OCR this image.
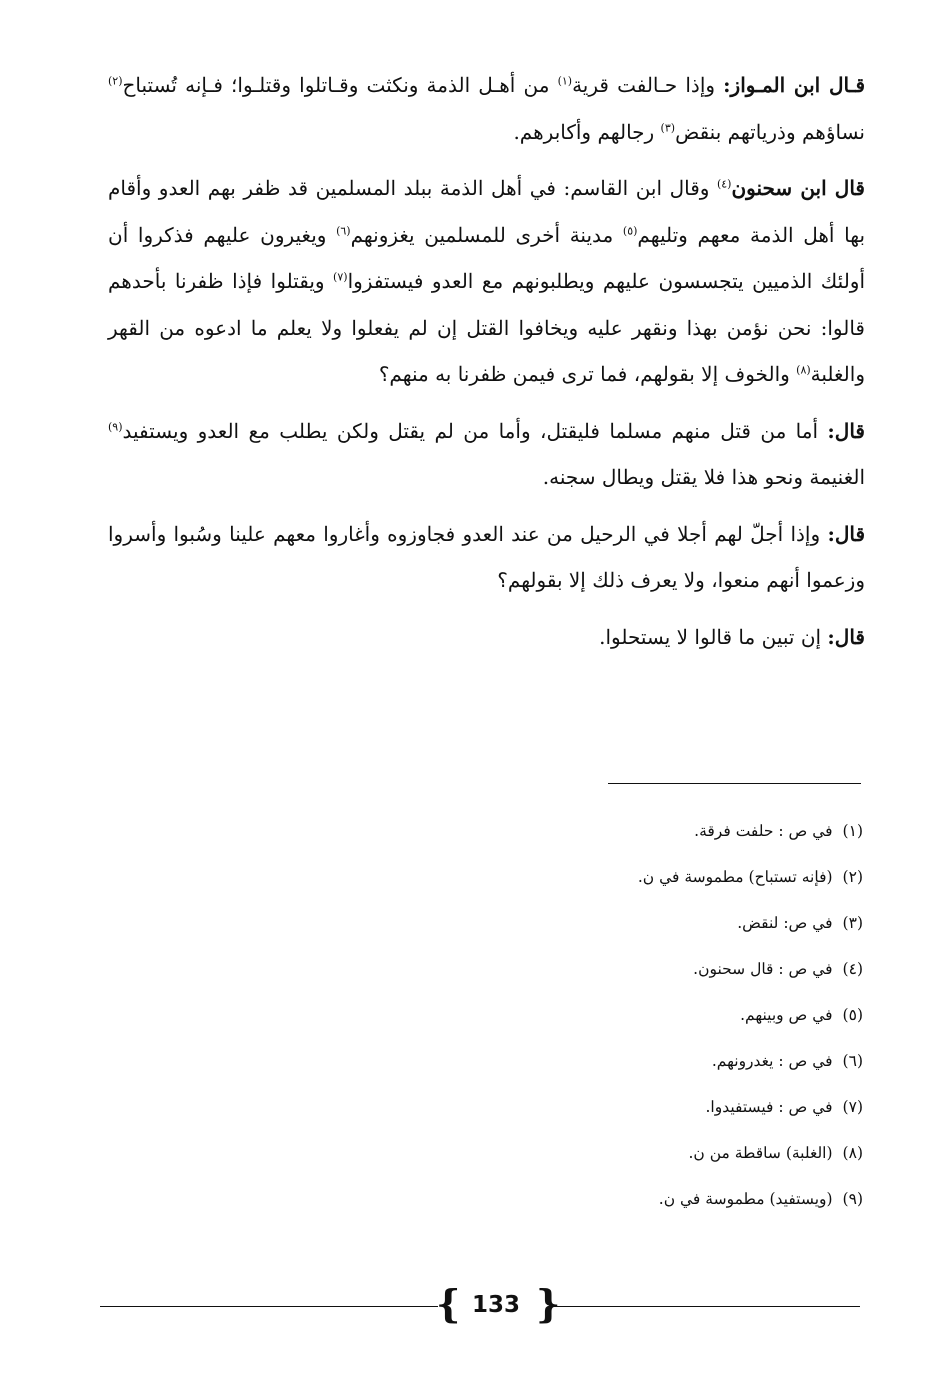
قـال ابن المـواز: وإذا حـالفت قرية$^{(١)}$ من أهـل الذمة ونكثت وقـاتلوا وقتلـوا؛ فـإنه تُستباح$^{(٢)}$ نساؤهم وذرياتهم بنقض$^{(٣)}$ رجالهم وأكابرهم.

قال ابن سحنون$^{(٤)}$ وقال ابن القاسم: في أهل الذمة ببلد المسلمين قد ظفر بهم العدو وأقام بها أهل الذمة معهم وتليهم$^{(٥)}$ مدينة أخرى للمسلمين يغزونهم$^{(٦)}$ ويغيرون عليهم فذكروا أن أولئك الذميين يتجسسون عليهم ويطلبونهم مع العدو فيستفزوا$^{(٧)}$ ويقتلوا فإذا ظفرنا بأحدهم قالوا: نحن نؤمن بهذا ونقهر عليه ويخافوا القتل إن لم يفعلوا ولا يعلم ما ادعوه من القهر والغلبة$^{(٨)}$ والخوف إلا بقولهم، فما ترى فيمن ظفرنا به منهم؟

قال: أما من قتل منهم مسلما فليقتل، وأما من لم يقتل ولكن يطلب مع العدو ويستفيد$^{(٩)}$ الغنيمة ونحو هذا فلا يقتل ويطال سجنه.

قال: وإذا أجلّ لهم أجلا في الرحيل من عند العدو فجاوزوه وأغاروا معهم علينا وسُبوا وأسروا وزعموا أنهم منعوا، ولا يعرف ذلك إلا بقولهم؟

قال: إن تبين ما قالوا لا يستحلوا.

(١)في ص : حلفت فرقة.
(٢)(فإنه تستباح) مطموسة في ن.
(٣)في ص: لنقض.
(٤)في ص : قال سحنون.
(٥)في ص وبينهم.
(٦)في ص : يغدرونهم.
(٧)في ص : فيستفيدوا.
(٨)(الغلبة) ساقطة من ن.
(٩)(ويستفيد) مطموسة في ن.
{ 133 }
